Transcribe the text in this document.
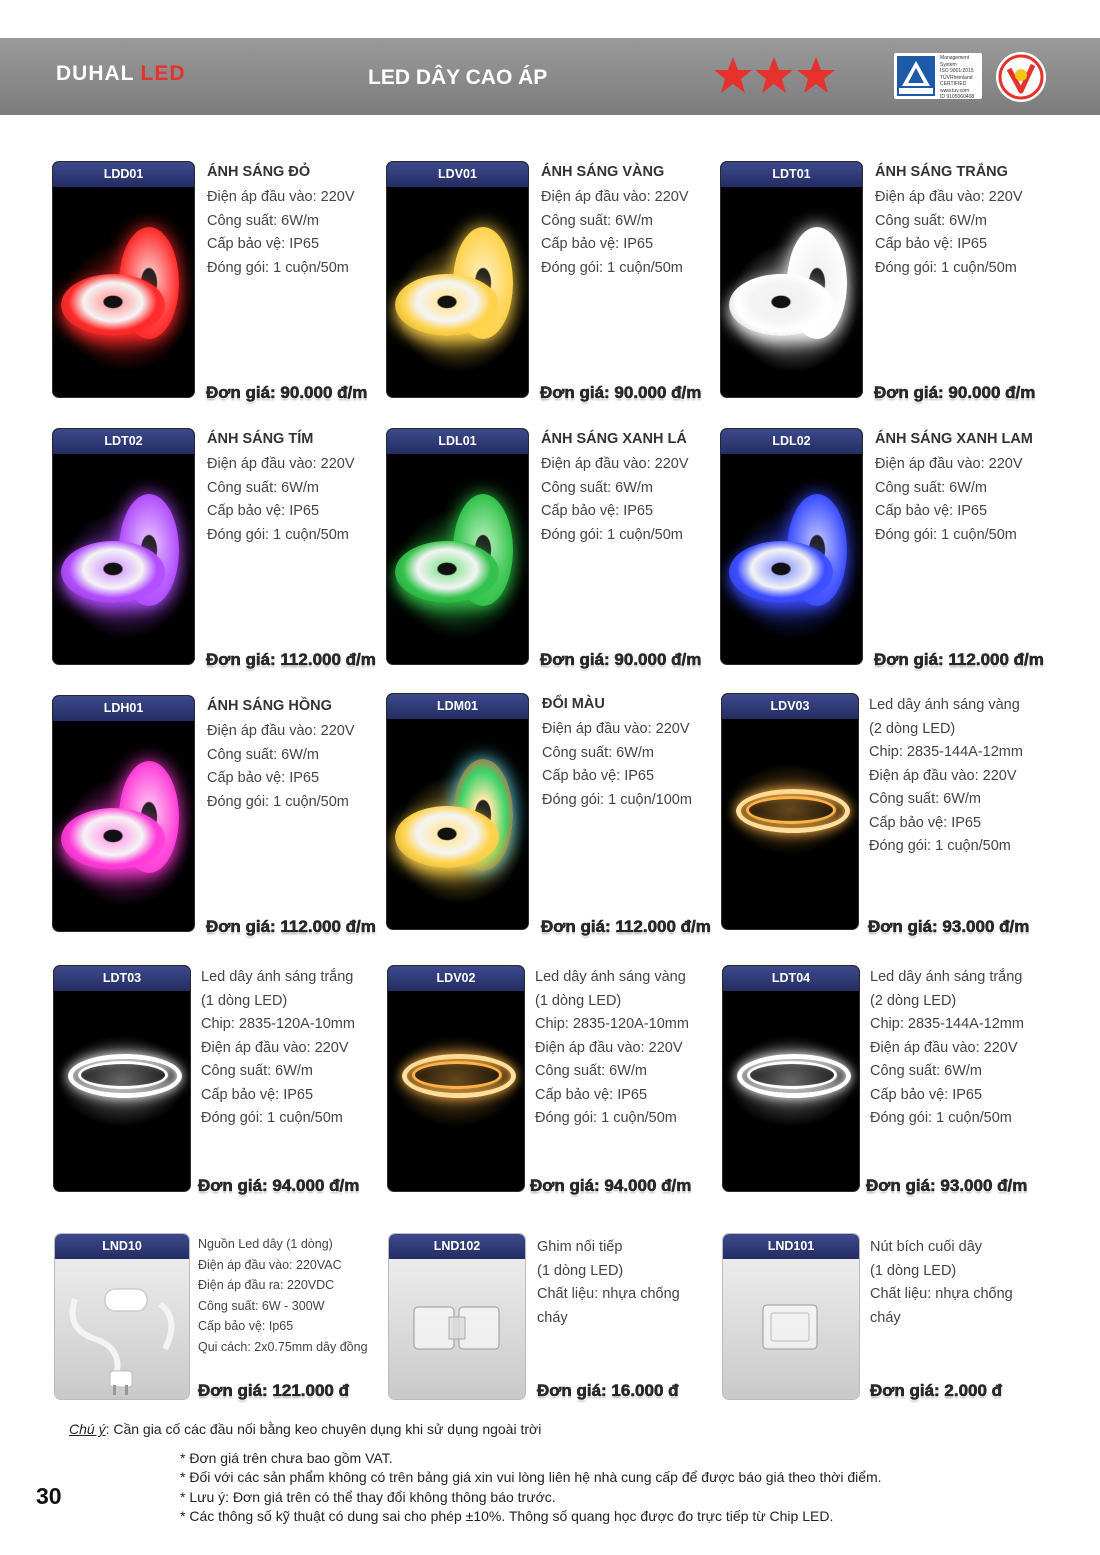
DUHAL LED	LED DÂY CAO ÁP

Management
System
ISO 9001:2015
TÜVRheinland
CERTIFIED
www.tuv.com
ID 9105060408
LDD01	ÁNH SÁNG ĐỎ
Điện áp đầu vào: 220V
Công suất: 6W/m
Cấp bảo vệ: IP65
Đóng gói: 1 cuộn/50m
Đơn giá: 90.000 đ/m
LDV01	ÁNH SÁNG VÀNG
Điện áp đầu vào: 220V
Công suất: 6W/m
Cấp bảo vệ: IP65
Đóng gói: 1 cuộn/50m
Đơn giá: 90.000 đ/m
LDT01	ÁNH SÁNG TRẮNG
Điện áp đầu vào: 220V
Công suất: 6W/m
Cấp bảo vệ: IP65
Đóng gói: 1 cuộn/50m
Đơn giá: 90.000 đ/m
LDT02	ÁNH SÁNG TÍM
Điện áp đầu vào: 220V
Công suất: 6W/m
Cấp bảo vệ: IP65
Đóng gói: 1 cuộn/50m
Đơn giá: 112.000 đ/m
LDL01	ÁNH SÁNG XANH LÁ
Điện áp đầu vào: 220V
Công suất: 6W/m
Cấp bảo vệ: IP65
Đóng gói: 1 cuộn/50m
Đơn giá: 90.000 đ/m
LDL02	ÁNH SÁNG XANH LAM
Điện áp đầu vào: 220V
Công suất: 6W/m
Cấp bảo vệ: IP65
Đóng gói: 1 cuộn/50m
Đơn giá: 112.000 đ/m
LDH01	ÁNH SÁNG HỒNG
Điện áp đầu vào: 220V
Công suất: 6W/m
Cấp bảo vệ: IP65
Đóng gói: 1 cuộn/50m
Đơn giá: 112.000 đ/m
LDM01	ĐỔI MÀU
Điện áp đầu vào: 220V
Công suất: 6W/m
Cấp bảo vệ: IP65
Đóng gói: 1 cuộn/100m
Đơn giá: 112.000 đ/m
LDV03	Led dây ánh sáng vàng
(2 dòng LED)
Chip: 2835-144A-12mm
Điện áp đầu vào: 220V
Công suất: 6W/m
Cấp bảo vệ: IP65
Đóng gói: 1 cuộn/50m
Đơn giá: 93.000 đ/m
LDT03	Led dây ánh sáng trắng
(1 dòng LED)
Chip: 2835-120A-10mm
Điện áp đầu vào: 220V
Công suất: 6W/m
Cấp bảo vệ: IP65
Đóng gói: 1 cuộn/50m
Đơn giá: 94.000 đ/m
LDV02	Led dây ánh sáng vàng
(1 dòng LED)
Chip: 2835-120A-10mm
Điện áp đầu vào: 220V
Công suất: 6W/m
Cấp bảo vệ: IP65
Đóng gói: 1 cuộn/50m
Đơn giá: 94.000 đ/m
LDT04	Led dây ánh sáng trắng
(2 dòng LED)
Chip: 2835-144A-12mm
Điện áp đầu vào: 220V
Công suất: 6W/m
Cấp bảo vệ: IP65
Đóng gói: 1 cuộn/50m
Đơn giá: 93.000 đ/m
LND10	Nguồn Led dây (1 dòng)
Điện áp đầu vào: 220VAC
Điện áp đầu ra: 220VDC
Công suất: 6W - 300W
Cấp bảo vệ: Ip65
Qui cách: 2x0.75mm dây đồng
Đơn giá: 121.000 đ
LND102	Ghim nối tiếp
(1 dòng LED)
Chất liệu: nhựa chống
cháy
Đơn giá: 16.000 đ
LND101	Nút bích cuối dây
(1 dòng LED)
Chất liệu: nhựa chống
cháy
Đơn giá: 2.000 đ
Chú ý: Cần gia cố các đầu nối bằng keo chuyên dụng khi sử dụng ngoài trời
* Đơn giá trên chưa bao gồm VAT.
* Đối với các sản phẩm không có trên bảng giá xin vui lòng liên hệ nhà cung cấp để được báo giá theo thời điểm.
* Lưu ý: Đơn giá trên có thể thay đổi không thông báo trước.
* Các thông số kỹ thuật có dung sai cho phép ±10%. Thông số quang học được đo trực tiếp từ Chip LED.
30
